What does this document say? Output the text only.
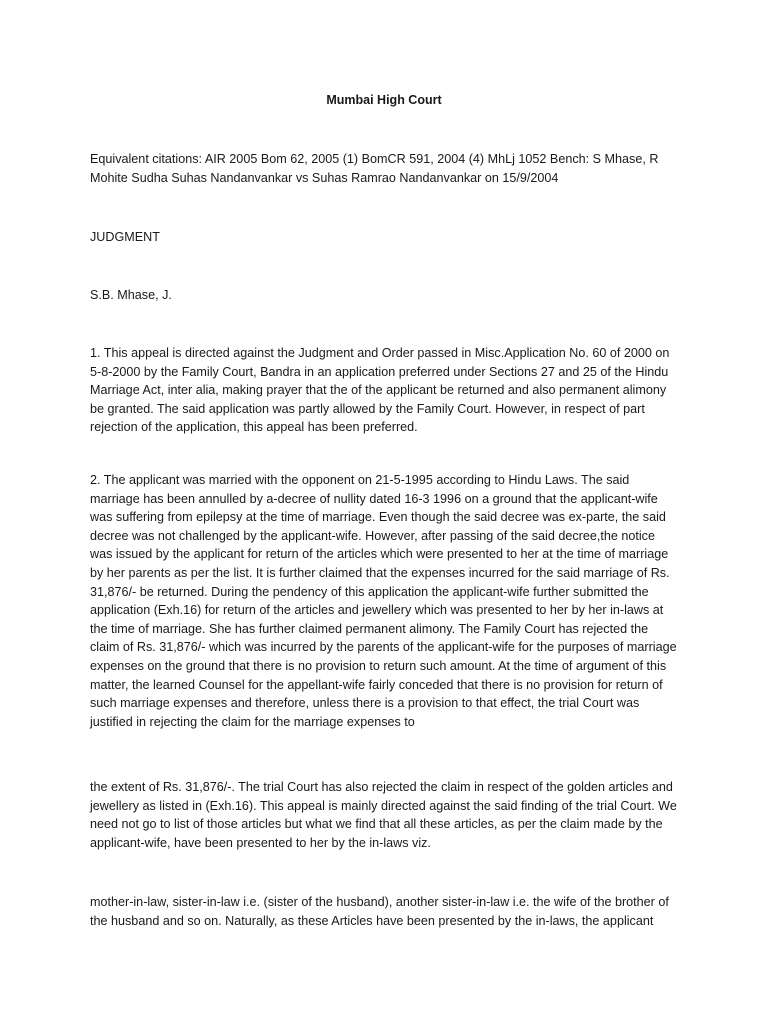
Mumbai High Court

Equivalent citations: AIR 2005 Bom 62, 2005 (1) BomCR 591, 2004 (4) MhLj 1052 Bench: S Mhase, R Mohite Sudha Suhas Nandanvankar vs Suhas Ramrao Nandanvankar on 15/9/2004

JUDGMENT

S.B. Mhase, J.

1. This appeal is directed against the Judgment and Order passed in Misc.Application No. 60 of 2000 on 5-8-2000 by the Family Court, Bandra in an application preferred under Sections 27 and 25 of the Hindu Marriage Act, inter alia, making prayer that the of the applicant be returned and also permanent alimony be granted. The said application was partly allowed by the Family Court. However, in respect of part rejection of the application, this appeal has been preferred.

2. The applicant was married with the opponent on 21-5-1995 according to Hindu Laws. The said marriage has been annulled by a-decree of nullity dated 16-3 1996 on a ground that the applicant-wife was suffering from epilepsy at the time of marriage. Even though the said decree was ex-parte, the said decree was not challenged by the applicant-wife. However, after passing of the said decree,the notice was issued by the applicant for return of the articles which were presented to her at the time of marriage by her parents as per the list. It is further claimed that the expenses incurred for the said marriage of Rs. 31,876/- be returned. During the pendency of this application the applicant-wife further submitted the application (Exh.16) for return of the articles and jewellery which was presented to her by her in-laws at the time of marriage. She has further claimed permanent alimony. The Family Court has rejected the claim of Rs. 31,876/- which was incurred by the parents of the applicant-wife for the purposes of marriage expenses on the ground that there is no provision to return such amount. At the time of argument of this matter, the learned Counsel for the appellant-wife fairly conceded that there is no provision for return of such marriage expenses and therefore, unless there is a provision to that effect, the trial Court was justified in rejecting the claim for the marriage expenses to

the extent of Rs. 31,876/-. The trial Court has also rejected the claim in respect of the golden articles and jewellery as listed in (Exh.16). This appeal is mainly directed against the said finding of the trial Court. We need not go to list of those articles but what we find that all these articles, as per the claim made by the applicant-wife, have been presented to her by the in-laws viz.

mother-in-law, sister-in-law i.e. (sister of the husband), another sister-in-law i.e. the wife of the brother of the husband and so on. Naturally, as these Articles have been presented by the in-laws, the applicant
